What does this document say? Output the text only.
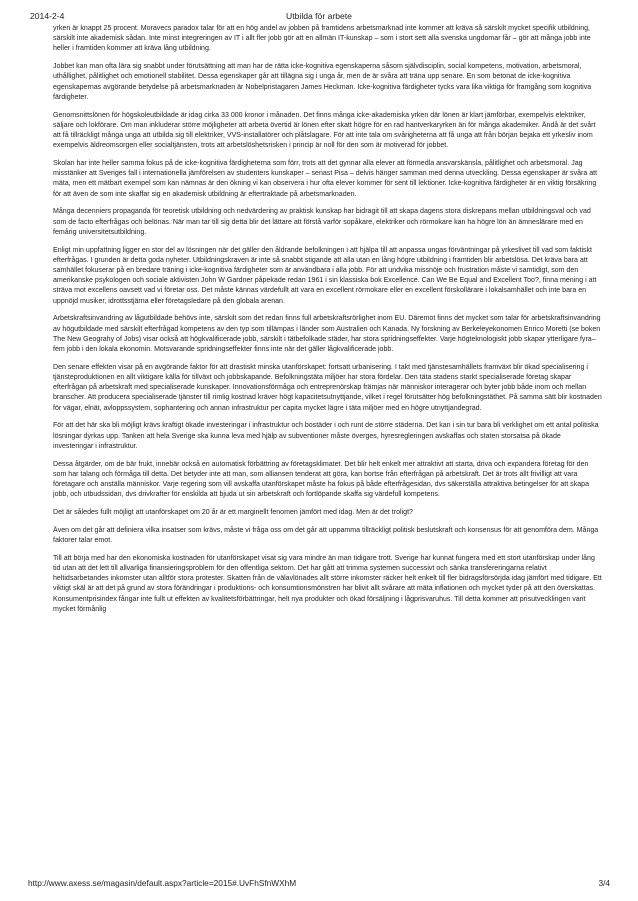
2014-2-4	Utbilda för arbete

yrken är knappt 25 procent. Moravecs paradox talar för att en hög andel av jobben på framtidens arbetsmarknad inte kommer att kräva så särskilt mycket specifik utbildning, särskilt inte akademisk sådan. Inte minst integreringen av IT i allt fler jobb gör att en allmän IT-kunskap – som i stort sett alla svenska ungdomar får – gör att många jobb inte heller i framtiden kommer att kräva lång utbildning.

Jobbet kan man ofta lära sig snabbt under förutsättning att man har de rätta icke-kognitiva egenskaperna såsom självdisciplin, social kompetens, motivation, arbetsmoral, uthållighet, pålitlighet och emotionell stabilitet. Dessa egenskaper går att tillägna sig i unga år, men de är svåra att träna upp senare. En som betonat de icke-kognitiva egenskapernas avgörande betydelse på arbetsmarknaden är Nobelpristagaren James Heckman. Icke-kognitiva färdigheter tycks vara lika viktiga för framgång som kognitiva färdigheter.

Genomsnittslönen för högskoleutbildade är idag cirka 33 000 kronor i månaden. Det finns många icke-akademiska yrken där lönen är klart jämförbar, exempelvis elektriker, säljare och lokförare. Om man inkluderar större möjligheter att arbeta övertid är lönen efter skatt högre för en rad hantverkaryrken än för många akademiker. Ändå är det svårt att få tillräckligt många unga att utbilda sig till elektriker, VVS-installatörer och plåtslagare. För att inte tala om svårigheterna att få unga att från början bejaka ett yrkesliv inom exempelvis äldreomsorgen eller socialtjänsten, trots att arbetslöshetsrisken i princip är noll för den som är motiverad för jobbet.

Skolan har inte heller samma fokus på de icke-kognitiva färdigheterna som förr, trots att det gynnar alla elever att förmedla ansvarskänsla, pålitlighet och arbetsmoral. Jag misstänker att Sveriges fall i internationella jämförelsen av studenters kunskaper – senast Pisa – delvis hänger samman med denna utveckling. Dessa egenskaper är svåra att mäta, men ett mätbart exempel som kan nämnas är den ökning vi kan observera i hur ofta elever kommer för sent till lektioner. Icke-kognitiva färdigheter är en viktig försäkring för att även de som inte skaffar sig en akademisk utbildning är eftertraktade på arbetsmarknaden.

Många decenniers propaganda för teoretisk utbildning och nedvärdering av praktisk kunskap har bidragit till att skapa dagens stora diskrepans mellan utbildningsval och vad som de facto efterfrågas och belönas. När man tar till sig detta blir det lättare att förstå varför sopåkare, elektriker och rörmokare kan ha högre lön än ämneslärare med en femårig universitetsutbildning.

Enligt min uppfattning ligger en stor del av lösningen när det gäller den åldrande befolkningen i att hjälpa till att anpassa ungas förväntningar på yrkeslivet till vad som faktiskt efterfrågas. I grunden är detta goda nyheter. Utbildningskraven är inte så snabbt stigande att alla utan en lång högre utbildning i framtiden blir arbetslösa. Det kräva bara att samhället fokuserar på en bredare träning i icke-kognitiva färdigheter som är användbara i alla jobb. För att undvika missnöje och frustration måste vi samtidigt, som den amerikanske psykologen och sociale aktivisten John W Gardner påpekade redan 1961 i sin klassiska bok Excellence. Can We Be Equal and Excellent Too?, finna mening i att sträva mot excellens oavsett vad vi företar oss. Det måste kännas värdefullt att vara en excellent rörmokare eller en excellent förskollärare i lokalsamhället och inte bara en uppnöjd musiker, idrottsstjärna eller företagsledare på den globala arenan.

Arbetskraftsinvandring av lågutbildade behövs inte, särskilt som det redan finns full arbetskraftsrörlighet inom EU. Däremot finns det mycket som talar för arbetskraftsinvandring av högutbildade med särskilt efterfrågad kompetens av den typ som tillämpas i länder som Australien och Kanada. Ny forskning av Berkeleyekonomen Enrico Moretti (se boken The New Geograhy of Jobs) visar också att högkvalificerade jobb, särskilt i tätbefolkade städer, har stora spridningseffekter. Varje högteknologiskt jobb skapar ytterligare fyra–fem jobb i den lokala ekonomin. Motsvarande spridningseffekter finns inte när det gäller lågkvalificerade jobb.

Den senare effekten visar på en avgörande faktor för att drastiskt minska utanförskapet: fortsatt urbanisering. I takt med tjänstesamhällets framväxt blir ökad specialisering i tjänsteproduktionen en allt viktigare källa för tillväxt och jobbskapande. Befolkningstäta miljöer har stora fördelar. Den täta stadens starkt specialiserade företag skapar efterfrågan på arbetskraft med specialiserade kunskaper. Innovationsförmåga och entreprenörskap främjas när människor interagerar och byter jobb både inom och mellan branscher. Att producera specialiserade tjänster till rimlig kostnad kräver högt kapacitetsutnyttjande, vilket i regel förutsätter hög befolkningstäthet. På samma sätt blir kostnaden för vägar, elnät, avloppssystem, sophantering och annan infrastruktur per capita mycket lägre i täta miljöer med en högre utnyttjandegrad.

För att det här ska bli möjligt krävs kraftigt ökade investeringar i infrastruktur och bostäder i och runt de större städerna. Det kan i sin tur bara bli verklighet om ett antal politiska lösningar dyrkas upp. Tanken att hela Sverige ska kunna leva med hjälp av subventioner måste överges, hyresregleringen avskaffas och staten storsatsa på ökade investeringar i infrastruktur.

Dessa åtgärder, om de bär frukt, innebär också en automatisk förbättring av företagsklimatet. Det blir helt enkelt mer attraktivt att starta, driva och expandera företag för den som har talang och förmåga till detta. Det betyder inte att man, som alliansen tenderat att göra, kan bortse från efterfrågan på arbetskraft. Det är trots allt frivilligt att vara företagare och anställa människor. Varje regering som vill avskaffa utanförskapet måste ha fokus på både efterfrågesidan, dvs säkerställa attraktiva betingelser för att skapa jobb, och utbudssidan, dvs drivkrafter för enskilda att bjuda ut sin arbetskraft och fortlöpande skaffa sig värdefull kompetens.

Det är således fullt möjligt att utanförskapet om 20 år är ett marginellt fenomen jämfört med idag. Men är det troligt?

Även om det går att definiera vilka insatser som krävs, måste vi fråga oss om det går att uppamma tillräckligt politisk beslutskraft och konsensus för att genomföra dem. Många faktorer talar emot.

Till att börja med har den ekonomiska kostnaden för utanförskapet visat sig vara mindre än man tidigare trott. Sverige har kunnat fungera med ett stort utanförskap under lång tid utan att det lett till allvarliga finansieringsproblem för den offentliga sektorn. Det har gått att trimma systemen successivt och sänka transfereringarna relativt heltidsarbetandes inkomster utan alltför stora protester. Skatten från de välavlönades allt större inkomster räcker helt enkelt till fler bidragsförsörjda idag jämfört med tidigare. Ett viktigt skäl är att det på grund av stora förändringar i produktions- och konsumtionsmönstren har blivit allt svårare att mäta inflationen och mycket tyder på att den överskattas. Konsumentprisindex fångar inte fullt ut effekten av kvalitetsförbättringar, helt nya produkter och ökad försäljning i lågprisvaruhus. Till detta kommer att prisutvecklingen varit mycket förmånlig

http://www.axess.se/magasin/default.aspx?article=2015#.UvFhSfnWXhM	3/4
